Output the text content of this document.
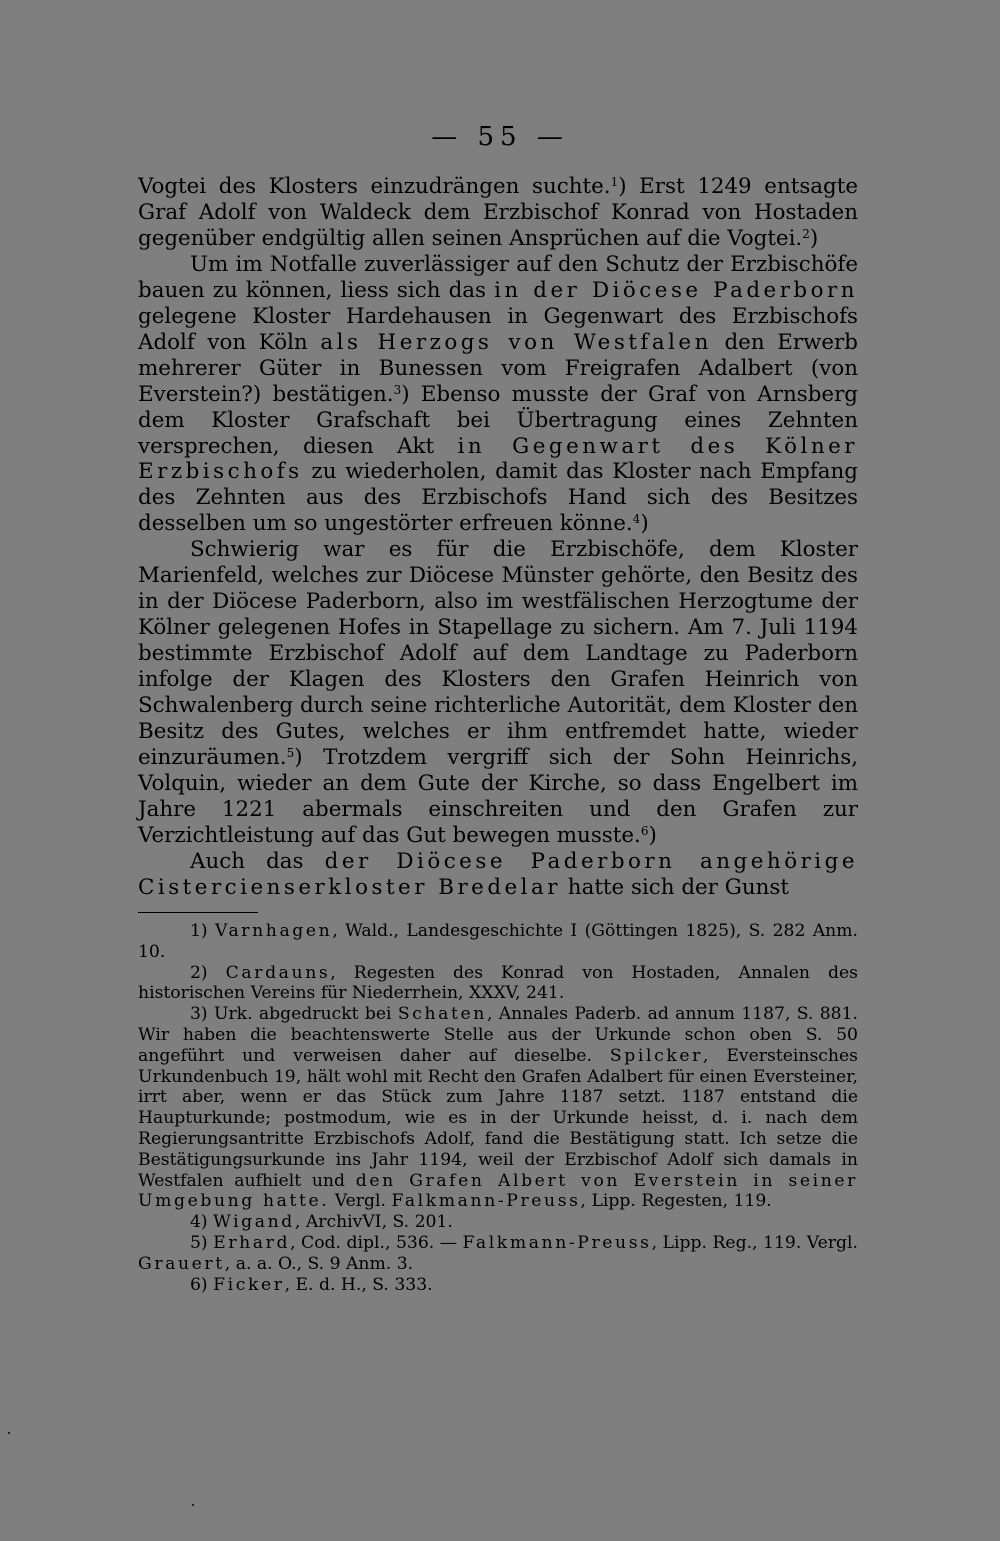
— 55 —

Vogtei des Klosters einzudrängen suchte.$^1$) Erst 1249 entsagte Graf Adolf von Waldeck dem Erzbischof Konrad von Hostaden gegenüber endgültig allen seinen Ansprüchen auf die Vogtei.$^2$)

Um im Notfalle zuverlässiger auf den Schutz der Erzbischöfe bauen zu können, liess sich das in der Diöcese Paderborn gelegene Kloster Hardehausen in Gegenwart des Erzbischofs Adolf von Köln als Herzogs von Westfalen den Erwerb mehrerer Güter in Bunessen vom Freigrafen Adalbert (von Everstein?) bestätigen.$^3$) Ebenso musste der Graf von Arnsberg dem Kloster Grafschaft bei Übertragung eines Zehnten versprechen, diesen Akt in Gegenwart des Kölner Erzbischofs zu wiederholen, damit das Kloster nach Empfang des Zehnten aus des Erzbischofs Hand sich des Besitzes desselben um so ungestörter erfreuen könne.$^4$)

Schwierig war es für die Erzbischöfe, dem Kloster Marienfeld, welches zur Diöcese Münster gehörte, den Besitz des in der Diöcese Paderborn, also im westfälischen Herzogtume der Kölner gelegenen Hofes in Stapellage zu sichern. Am 7. Juli 1194 bestimmte Erzbischof Adolf auf dem Landtage zu Paderborn infolge der Klagen des Klosters den Grafen Heinrich von Schwalenberg durch seine richterliche Autorität, dem Kloster den Besitz des Gutes, welches er ihm entfremdet hatte, wieder einzuräumen.$^5$) Trotzdem vergriff sich der Sohn Heinrichs, Volquin, wieder an dem Gute der Kirche, so dass Engelbert im Jahre 1221 abermals einschreiten und den Grafen zur Verzichtleistung auf das Gut bewegen musste.$^6$)

Auch das der Diöcese Paderborn angehörige Cistercienserkloster Bredelar hatte sich der Gunst

1) Varnhagen, Wald., Landesgeschichte I (Göttingen 1825), S. 282 Anm. 10.

2) Cardauns, Regesten des Konrad von Hostaden, Annalen des historischen Vereins für Niederrhein, XXXV, 241.

3) Urk. abgedruckt bei Schaten, Annales Paderb. ad annum 1187, S. 881. Wir haben die beachtenswerte Stelle aus der Urkunde schon oben S. 50 angeführt und verweisen daher auf dieselbe. Spilcker, Eversteinsches Urkundenbuch 19, hält wohl mit Recht den Grafen Adalbert für einen Eversteiner, irrt aber, wenn er das Stück zum Jahre 1187 setzt. 1187 entstand die Haupturkunde; postmodum, wie es in der Urkunde heisst, d. i. nach dem Regierungsantritte Erzbischofs Adolf, fand die Bestätigung statt. Ich setze die Bestätigungsurkunde ins Jahr 1194, weil der Erzbischof Adolf sich damals in Westfalen aufhielt und den Grafen Albert von Everstein in seiner Umgebung hatte. Vergl. Falkmann-Preuss, Lipp. Regesten, 119.

4) Wigand, ArchivVI, S. 201.

5) Erhard, Cod. dipl., 536. — Falkmann-Preuss, Lipp. Reg., 119. Vergl. Grauert, a. a. O., S. 9 Anm. 3.

6) Ficker, E. d. H., S. 333.
